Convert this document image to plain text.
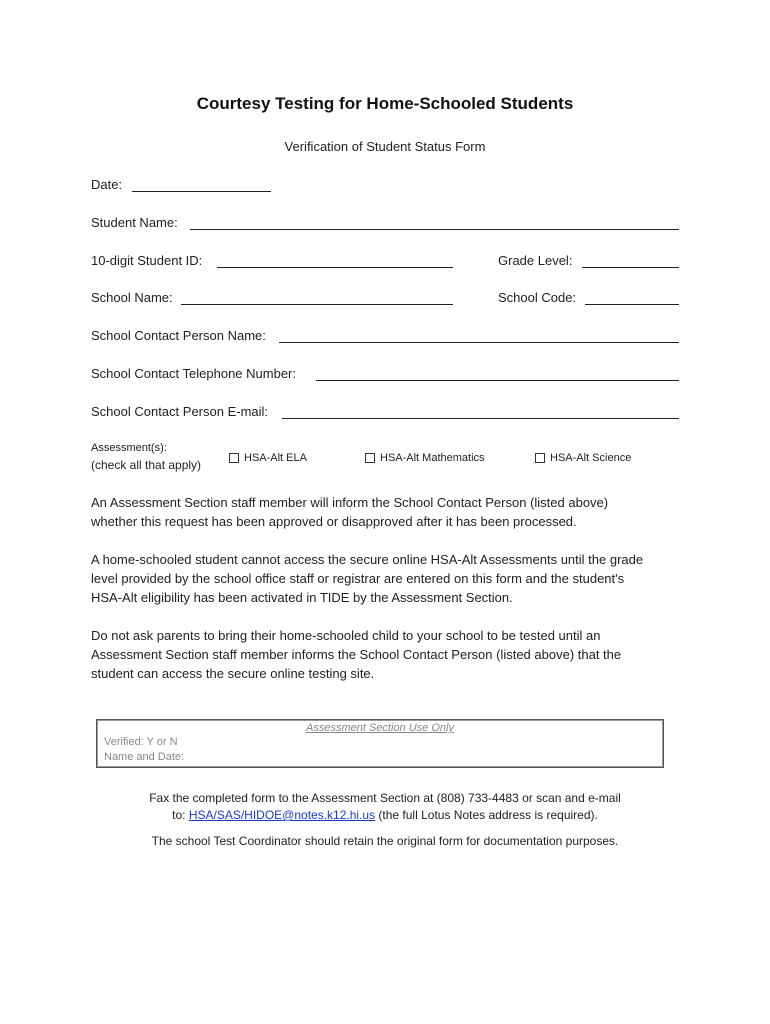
Courtesy Testing for Home-Schooled Students
Verification of Student Status Form
Date:
Student Name:
10-digit Student ID:	Grade Level:
School Name:	School Code:
School Contact Person Name:
School Contact Telephone Number:
School Contact Person E-mail:
Assessment(s):
(check all that apply)	HSA-Alt ELA	HSA-Alt Mathematics	HSA-Alt Science
An Assessment Section staff member will inform the School Contact Person (listed above)
whether this request has been approved or disapproved after it has been processed.
A home-schooled student cannot access the secure online HSA-Alt Assessments until the grade
level provided by the school office staff or registrar are entered on this form and the student's
HSA-Alt eligibility has been activated in TIDE by the Assessment Section.
Do not ask parents to bring their home-schooled child to your school to be tested until an
Assessment Section staff member informs the School Contact Person (listed above) that the
student can access the secure online testing site.
Assessment Section Use Only
Verified: Y or N
Name and Date:
Fax the completed form to the Assessment Section at (808) 733-4483 or scan and e-mail
to: HSA/SAS/HIDOE@notes.k12.hi.us (the full Lotus Notes address is required).
The school Test Coordinator should retain the original form for documentation purposes.
